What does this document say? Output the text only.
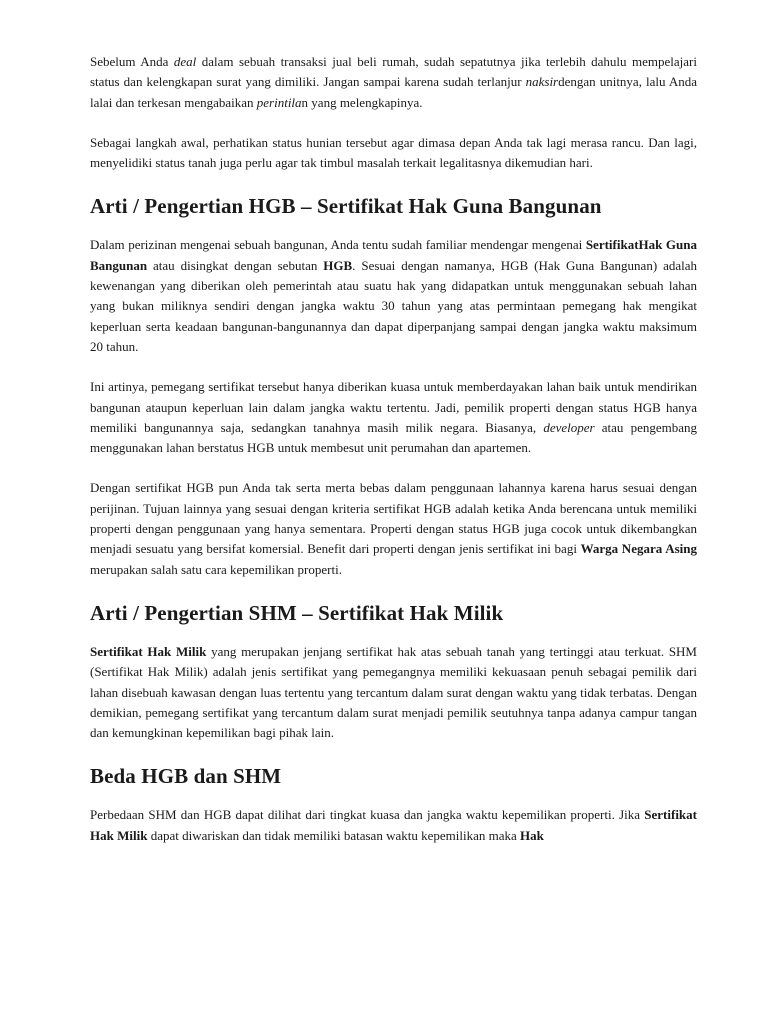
Sebelum Anda deal dalam sebuah transaksi jual beli rumah, sudah sepatutnya jika terlebih dahulu mempelajari status dan kelengkapan surat yang dimiliki. Jangan sampai karena sudah terlanjur naksirdengan unitnya, lalu Anda lalai dan terkesan mengabaikan perintilan yang melengkapinya.

Sebagai langkah awal, perhatikan status hunian tersebut agar dimasa depan Anda tak lagi merasa rancu. Dan lagi, menyelidiki status tanah juga perlu agar tak timbul masalah terkait legalitasnya dikemudian hari.

Arti / Pengertian HGB – Sertifikat Hak Guna Bangunan

Dalam perizinan mengenai sebuah bangunan, Anda tentu sudah familiar mendengar mengenai SertifikatHak Guna Bangunan atau disingkat dengan sebutan HGB. Sesuai dengan namanya, HGB (Hak Guna Bangunan) adalah kewenangan yang diberikan oleh pemerintah atau suatu hak yang didapatkan untuk menggunakan sebuah lahan yang bukan miliknya sendiri dengan jangka waktu 30 tahun yang atas permintaan pemegang hak mengikat keperluan serta keadaan bangunan-bangunannya dan dapat diperpanjang sampai dengan jangka waktu maksimum 20 tahun.

Ini artinya, pemegang sertifikat tersebut hanya diberikan kuasa untuk memberdayakan lahan baik untuk mendirikan bangunan ataupun keperluan lain dalam jangka waktu tertentu. Jadi, pemilik properti dengan status HGB hanya memiliki bangunannya saja, sedangkan tanahnya masih milik negara. Biasanya, developer atau pengembang menggunakan lahan berstatus HGB untuk membesut unit perumahan dan apartemen.

Dengan sertifikat HGB pun Anda tak serta merta bebas dalam penggunaan lahannya karena harus sesuai dengan perijinan. Tujuan lainnya yang sesuai dengan kriteria sertifikat HGB adalah ketika Anda berencana untuk memiliki properti dengan penggunaan yang hanya sementara. Properti dengan status HGB juga cocok untuk dikembangkan menjadi sesuatu yang bersifat komersial. Benefit dari properti dengan jenis sertifikat ini bagi Warga Negara Asing merupakan salah satu cara kepemilikan properti.

Arti / Pengertian SHM – Sertifikat Hak Milik

Sertifikat Hak Milik yang merupakan jenjang sertifikat hak atas sebuah tanah yang tertinggi atau terkuat. SHM (Sertifikat Hak Milik) adalah jenis sertifikat yang pemegangnya memiliki kekuasaan penuh sebagai pemilik dari lahan disebuah kawasan dengan luas tertentu yang tercantum dalam surat dengan waktu yang tidak terbatas. Dengan demikian, pemegang sertifikat yang tercantum dalam surat menjadi pemilik seutuhnya tanpa adanya campur tangan dan kemungkinan kepemilikan bagi pihak lain.

Beda HGB dan SHM

Perbedaan SHM dan HGB dapat dilihat dari tingkat kuasa dan jangka waktu kepemilikan properti. Jika Sertifikat Hak Milik dapat diwariskan dan tidak memiliki batasan waktu kepemilikan maka Hak
